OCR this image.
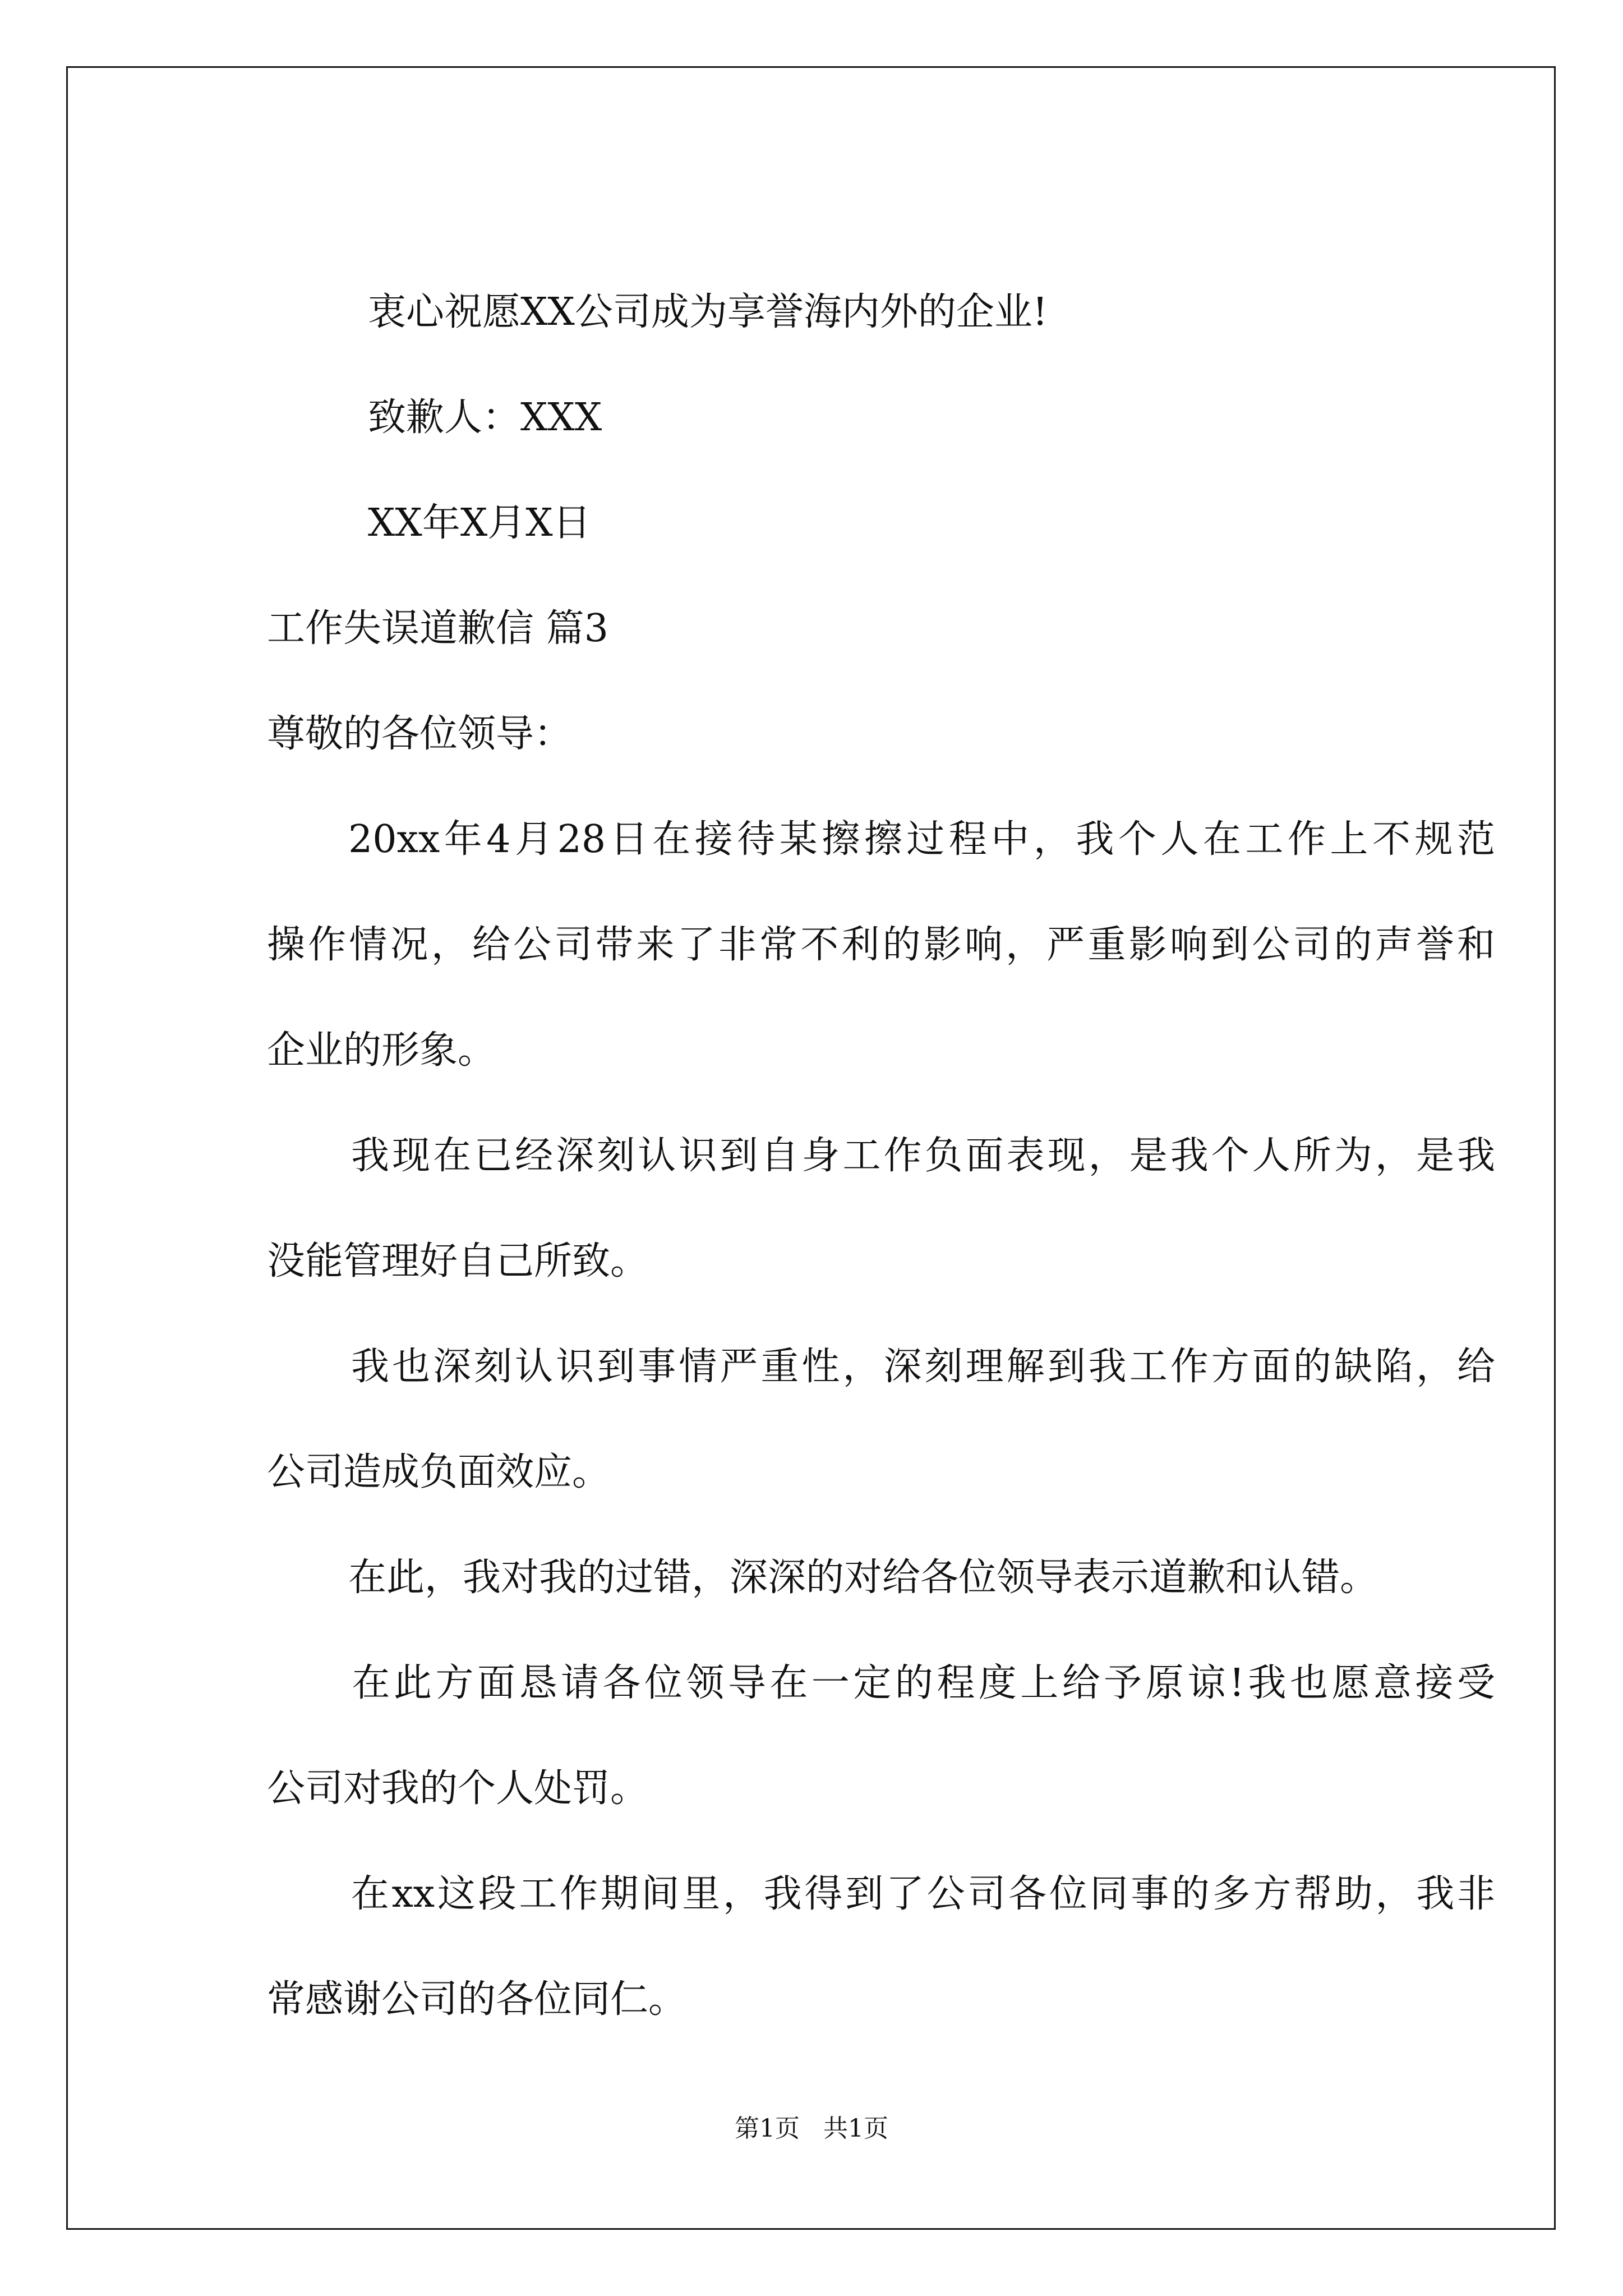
衷心祝愿XX公司成为享誉海内外的企业!
致歉人：XXX
XX年X月X日
工作失误道歉信 篇3
尊敬的各位领导：
20xx年4月28日在接待某擦擦过程中，我个人在工作上不规范
操作情况，给公司带来了非常不利的影响，严重影响到公司的声誉和
企业的形象。
我现在已经深刻认识到自身工作负面表现，是我个人所为，是我
没能管理好自己所致。
我也深刻认识到事情严重性，深刻理解到我工作方面的缺陷，给
公司造成负面效应。
在此，我对我的过错，深深的对给各位领导表示道歉和认错。
在此方面恳请各位领导在一定的程度上给予原谅!我也愿意接受
公司对我的个人处罚。
在xx这段工作期间里，我得到了公司各位同事的多方帮助，我非
常感谢公司的各位同仁。
第1页 共1页
